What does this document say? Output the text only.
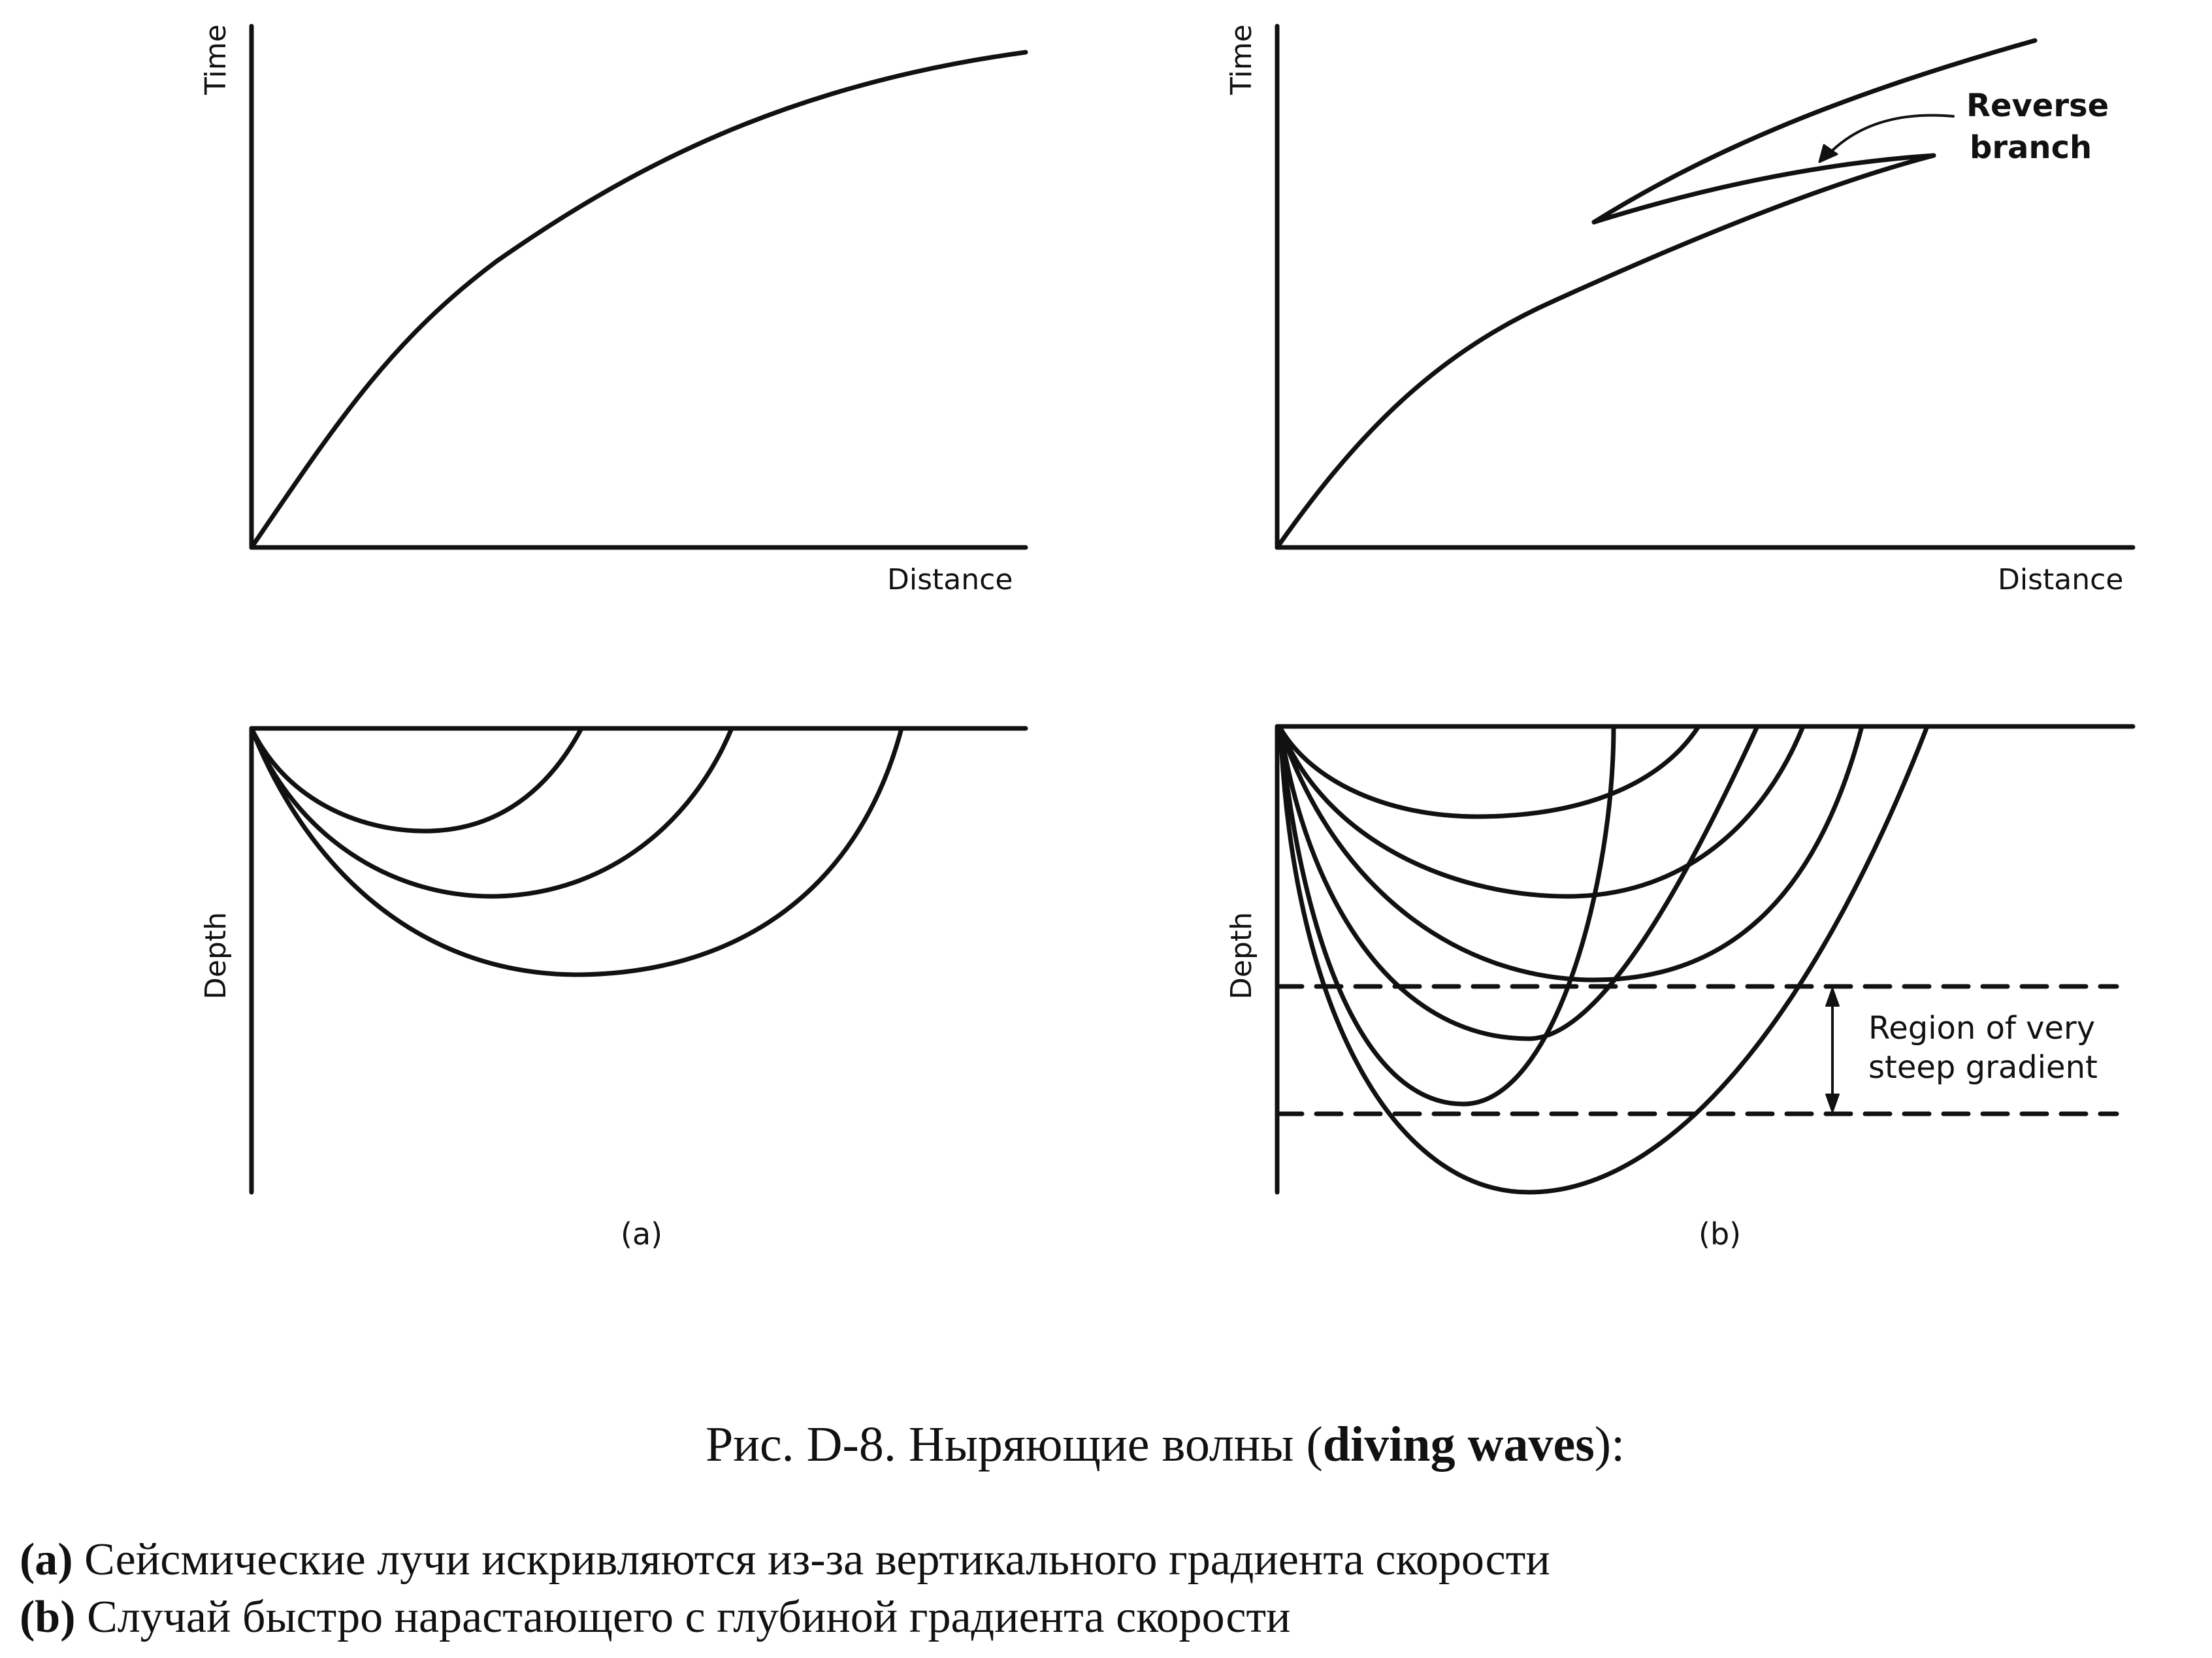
Time
Distance
Time
Distance
Depth	Depth
Reverse
branch
Region of very
steep gradient
(a)	(b)
Рис. D-8. Ныряющие волны (diving waves):
(a) Сейсмические лучи искривляются из-за вертикального градиента скорости
(b) Случай быстро нарастающего с глубиной градиента скорости
